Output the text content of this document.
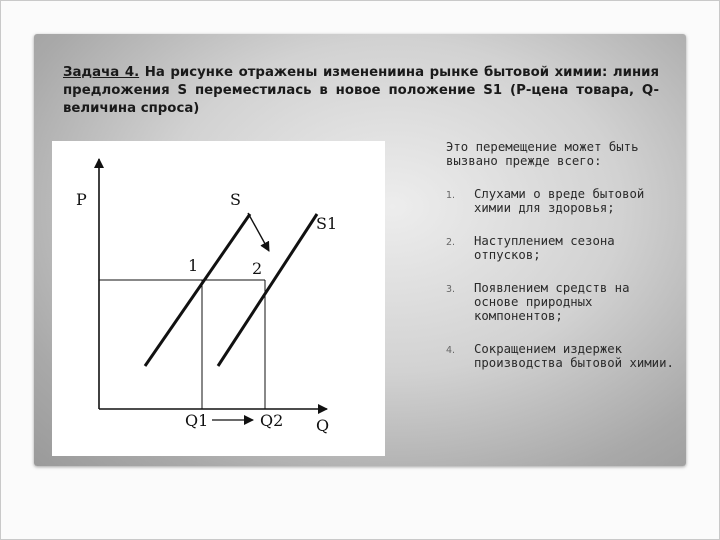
Задача 4. На рисунке отражены изменениина рынке бытовой химии: линия предложения S переместилась в новое положение S1 (Р-цена товара, Q- величина спроса)
P	S
S1
1	2
Q1	Q2 Q
Это перемещение может быть вызвано прежде всего:
1. Слухами о вреде бытовой химии для здоровья;
2. Наступлением сезона отпусков;
3. Появлением средств на основе природных компонентов;
4. Сокращением издержек производства бытовой химии.
